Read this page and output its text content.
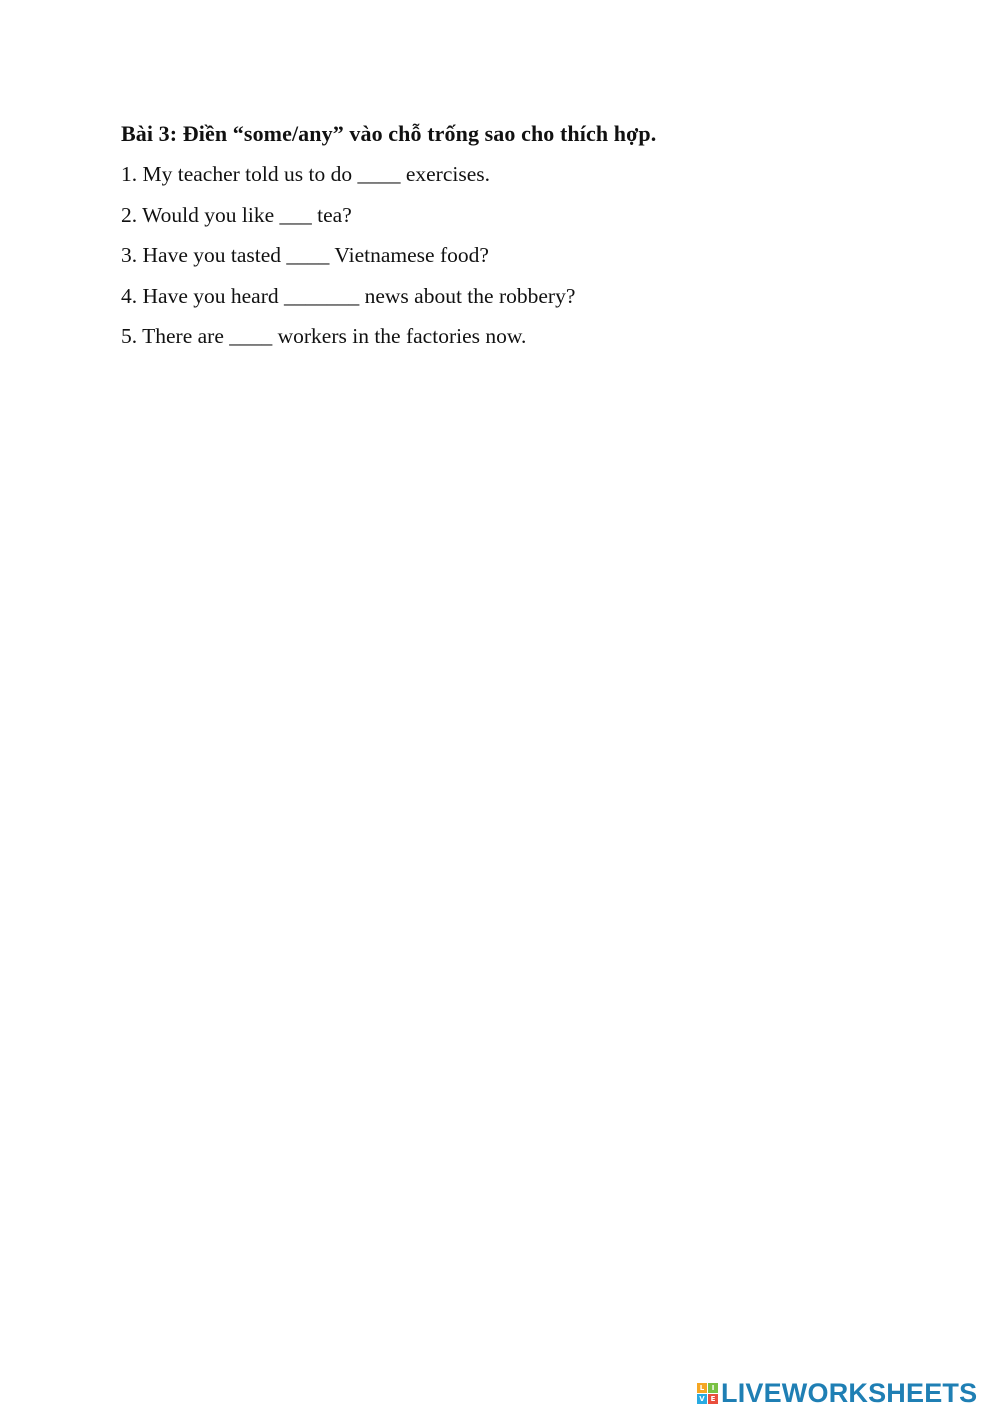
Bài 3: Điền “some/any” vào chỗ trống sao cho thích hợp.
1. My teacher told us to do ____ exercises.
2. Would you like ___ tea?
3. Have you tasted ____ Vietnamese food?
4. Have you heard _______ news about the robbery?
5. There are ____ workers in the factories now.
L	I
V E LIVEWORKSHEETS
